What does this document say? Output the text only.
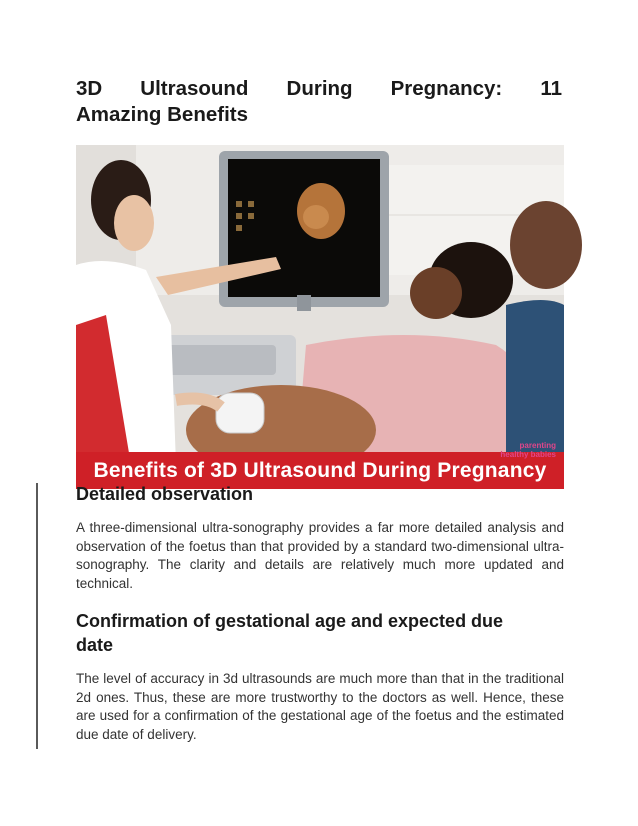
3D Ultrasound During Pregnancy: 11
Amazing Benefits
Benefits of 3D Ultrasound During Pregnancy
parenting
healthy babies
Detailed observation

A three-dimensional ultra-sonography provides a far more detailed analysis and observation of the foetus than that provided by a standard two-dimensional ultra-sonography. The clarity and details are relatively much more updated and technical.

Confirmation of gestational age and expected due
date

The level of accuracy in 3d ultrasounds are much more than that in the traditional 2d ones. Thus, these are more trustworthy to the doctors as well. Hence, these are used for a confirmation of the gestational age of the foetus and the estimated due date of delivery.
